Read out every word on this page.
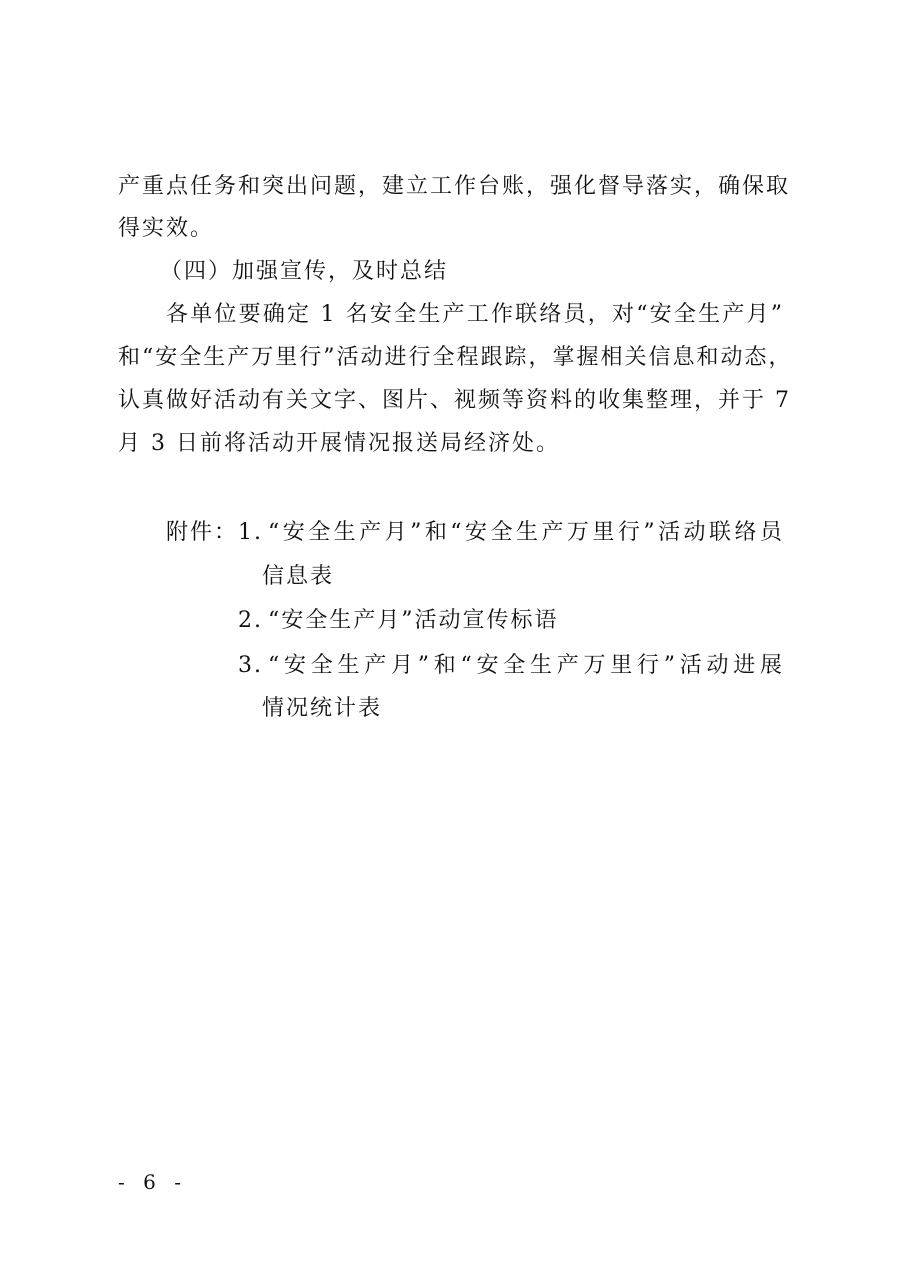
产重点任务和突出问题，建立工作台账，强化督导落实，确保取
得实效。
（四）加强宣传，及时总结
各单位要确定 1 名安全生产工作联络员，对“安全生产月”
和“安全生产万里行”活动进行全程跟踪，掌握相关信息和动态，
认真做好活动有关文字、图片、视频等资料的收集整理，并于 7
月 3 日前将活动开展情况报送局经济处。
附件： 1. “安全生产月”和“安全生产万里行”活动联络员
信息表
2. “安全生产月”活动宣传标语
3. “安全生产月”和“安全生产万里行”活动进展
情况统计表
- 6 -
